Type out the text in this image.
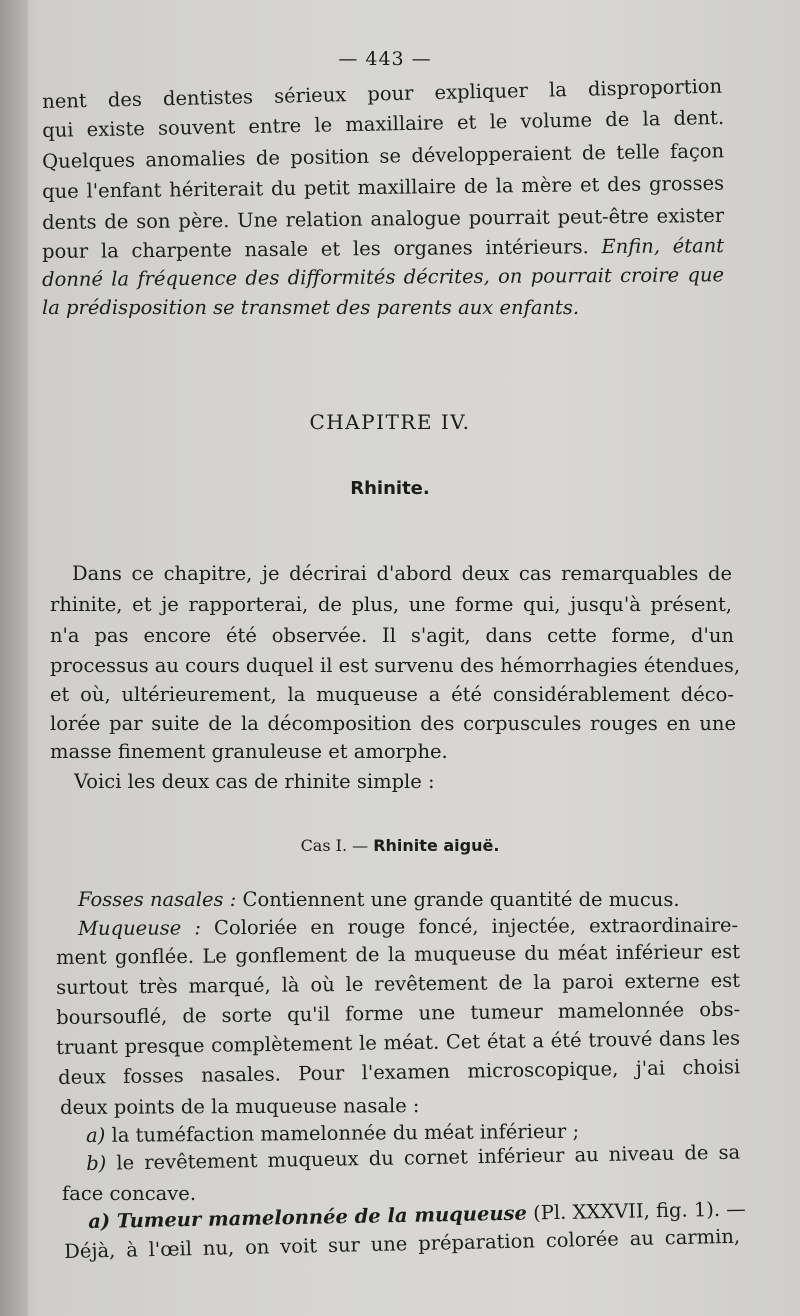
— 443 —
nent des dentistes sérieux pour expliquer la disproportion
qui existe souvent entre le maxillaire et le volume de la dent.
Quelques anomalies de position se développeraient de telle façon
que l'enfant hériterait du petit maxillaire de la mère et des grosses
dents de son père. Une relation analogue pourrait peut-être exister
pour la charpente nasale et les organes intérieurs. Enfin, étant
donné la fréquence des difformités décrites, on pourrait croire que
la prédisposition se transmet des parents aux enfants.
CHAPITRE IV.
Rhinite.
Dans ce chapitre, je décrirai d'abord deux cas remarquables de
rhinite, et je rapporterai, de plus, une forme qui, jusqu'à présent,
n'a pas encore été observée. Il s'agit, dans cette forme, d'un
processus au cours duquel il est survenu des hémorrhagies étendues,
et où, ultérieurement, la muqueuse a été considérablement déco-
lorée par suite de la décomposition des corpuscules rouges en une
masse finement granuleuse et amorphe.
Voici les deux cas de rhinite simple :
Cas I. — Rhinite aiguë.
Fosses nasales : Contiennent une grande quantité de mucus.
Muqueuse : Coloriée en rouge foncé, injectée, extraordinaire-
ment gonflée. Le gonflement de la muqueuse du méat inférieur est
surtout très marqué, là où le revêtement de la paroi externe est
boursouflé, de sorte qu'il forme une tumeur mamelonnée obs-
truant presque complètement le méat. Cet état a été trouvé dans les
deux fosses nasales. Pour l'examen microscopique, j'ai choisi
deux points de la muqueuse nasale :
a) la tuméfaction mamelonnée du méat inférieur ;
b) le revêtement muqueux du cornet inférieur au niveau de sa
face concave.
a) Tumeur mamelonnée de la muqueuse (Pl. XXXVII, fig. 1). —
Déjà, à l'œil nu, on voit sur une préparation colorée au carmin,
